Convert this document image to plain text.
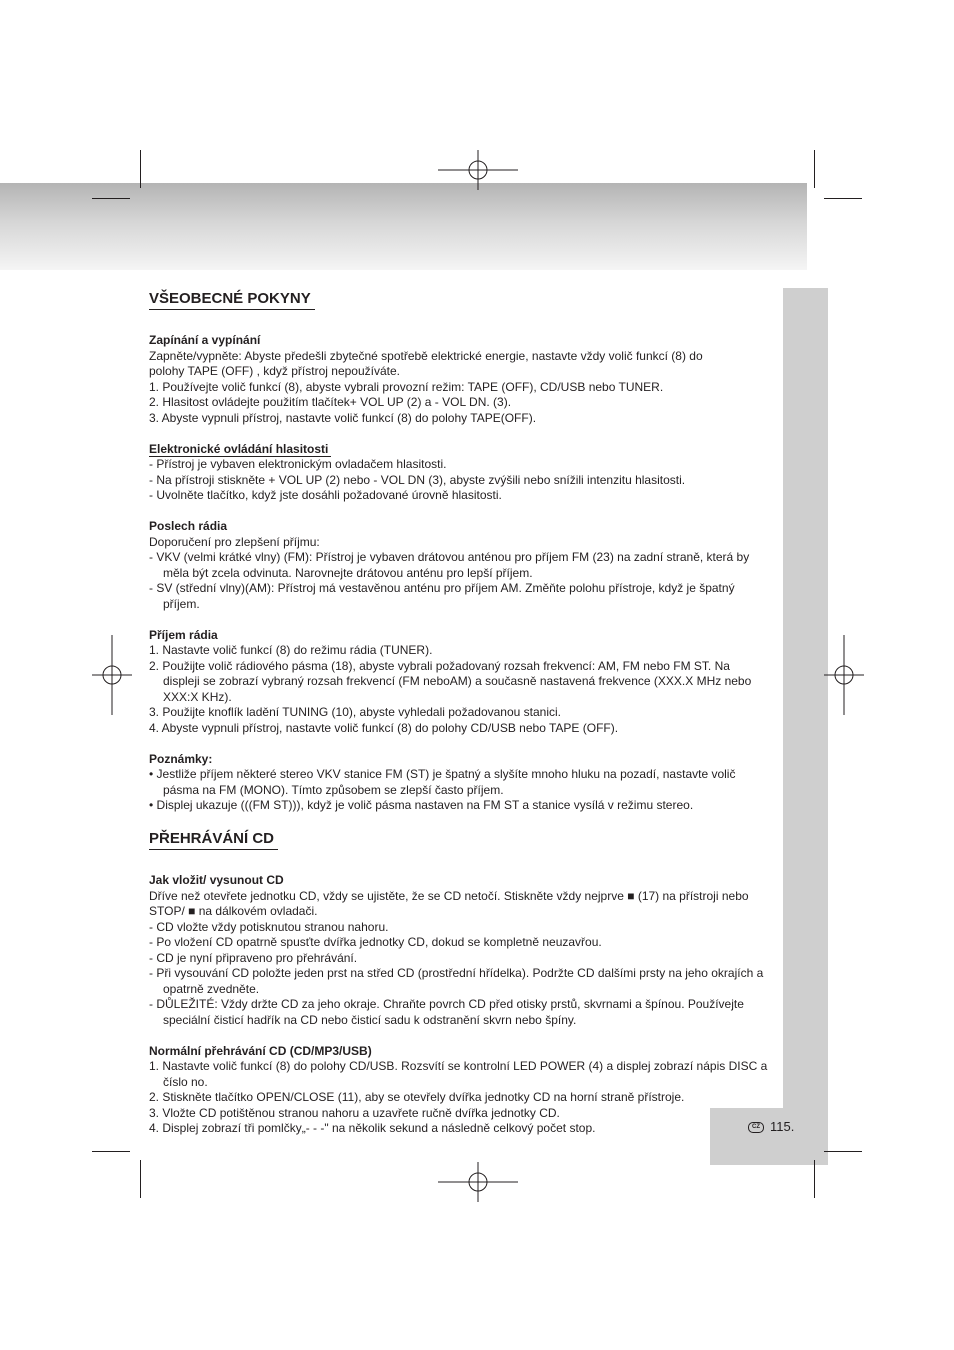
CZ 115.
VŠEOBECNÉ POKYNY

Zapínání a vypínání

Zapněte/vypněte: Abyste předešli zbytečné spotřebě elektrické energie, nastavte vždy volič funkcí (8) do

polohy TAPE (OFF) , když přístroj nepoužíváte.

1. Používejte volič funkcí (8), abyste vybrali provozní režim: TAPE (OFF), CD/USB nebo TUNER.

2. Hlasitost ovládejte použitím tlačítek+ VOL UP (2) a - VOL DN. (3).

3. Abyste vypnuli přístroj, nastavte volič funkcí (8) do polohy TAPE(OFF).

Elektronické ovládání hlasitosti

- Přístroj je vybaven elektronickým ovladačem hlasitosti.

- Na přístroji stiskněte + VOL UP (2) nebo - VOL DN (3), abyste zvýšili nebo snížili intenzitu hlasitosti.

- Uvolněte tlačítko, když jste dosáhli požadované úrovně hlasitosti.

Poslech rádia

Doporučení pro zlepšení příjmu:

- VKV (velmi krátké vlny) (FM): Přístroj je vybaven drátovou anténou pro příjem FM (23) na zadní straně, která by měla být zcela odvinuta. Narovnejte drátovou anténu pro lepší příjem.

- SV (střední vlny)(AM): Přístroj má vestavěnou anténu pro příjem AM. Změňte polohu přístroje, když je špatný příjem.

Příjem rádia

1. Nastavte volič funkcí (8) do režimu rádia (TUNER).

2. Použijte volič rádiového pásma (18), abyste vybrali požadovaný rozsah frekvencí: AM, FM nebo FM ST. Na displeji se zobrazí vybraný rozsah frekvencí (FM neboAM) a současně nastavená frekvence (XXX.X MHz nebo XXX:X KHz).

3. Použijte knoflík ladění TUNING (10), abyste vyhledali požadovanou stanici.

4. Abyste vypnuli přístroj, nastavte volič funkcí (8) do polohy CD/USB nebo TAPE (OFF).

Poznámky:

• Jestliže příjem některé stereo VKV stanice FM (ST) je špatný a slyšíte mnoho hluku na pozadí, nastavte volič pásma na FM (MONO). Tímto způsobem se zlepší často příjem.

• Displej ukazuje (((FM ST))), když je volič pásma nastaven na FM ST a stanice vysílá v režimu stereo.

PŘEHRÁVÁNÍ CD

Jak vložit/ vysunout CD

Dříve než otevřete jednotku CD, vždy se ujistěte, že se CD netočí. Stiskněte vždy nejprve ■ (17) na přístroji nebo STOP/ ■ na dálkovém ovladači.

- CD vložte vždy potisknutou stranou nahoru.

- Po vložení CD opatrně spusťte dvířka jednotky CD, dokud se kompletně neuzavřou.

- CD je nyní připraveno pro přehrávání.

- Při vysouvání CD položte jeden prst na střed CD (prostřední hřídelka). Podržte CD dalšími prsty na jeho okrajích a opatrně zvedněte.

- DŮLEŽITÉ: Vždy držte CD za jeho okraje. Chraňte povrch CD před otisky prstů, skvrnami a špínou. Používejte speciální čisticí hadřík na CD nebo čisticí sadu k odstranění skvrn nebo špíny.

Normální přehrávání CD (CD/MP3/USB)

1. Nastavte volič funkcí (8) do polohy CD/USB. Rozsvítí se kontrolní LED POWER (4) a displej zobrazí nápis DISC a číslo no.

2. Stiskněte tlačítko OPEN/CLOSE (11), aby se otevřely dvířka jednotky CD na horní straně přístroje.

3. Vložte CD potištěnou stranou nahoru a uzavřete ručně dvířka jednotky CD.

4. Displej zobrazí tři pomlčky„- - -" na několik sekund a následně celkový počet stop.
